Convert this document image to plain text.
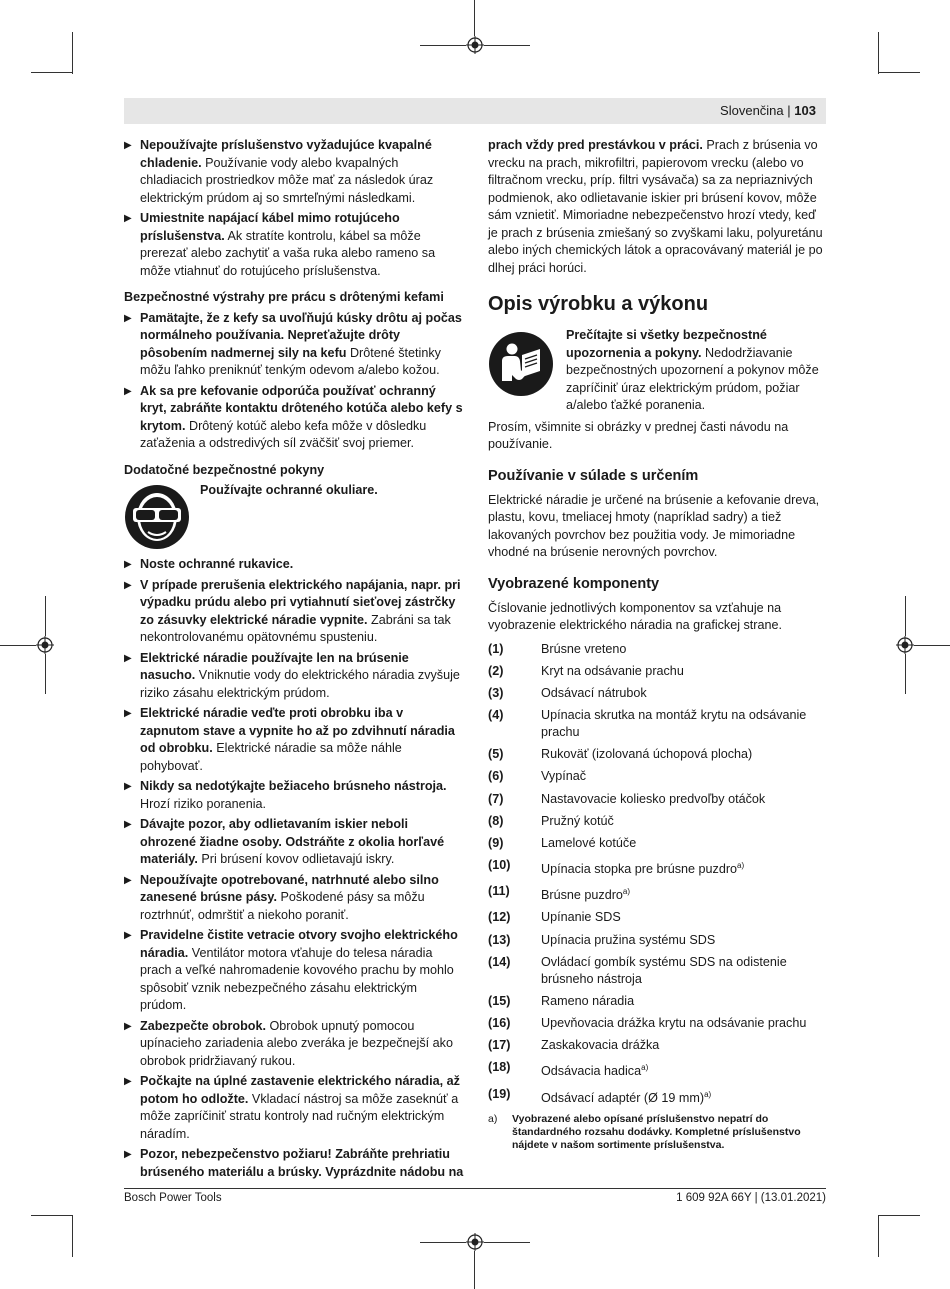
Slovenčina | 103
▶ Nepoužívajte príslušenstvo vyžadujúce kvapalné chladenie. Používanie vody alebo kvapalných chladiacich prostriedkov môže mať za následok úraz elektrickým prúdom aj so smrteľnými následkami.
▶ Umiestnite napájací kábel mimo rotujúceho príslušenstva. Ak stratíte kontrolu, kábel sa môže prerezať alebo zachytiť a vaša ruka alebo rameno sa môže vtiahnuť do rotujúceho príslušenstva.
Bezpečnostné výstrahy pre prácu s drôtenými kefami
▶ Pamätajte, že z kefy sa uvoľňujú kúsky drôtu aj počas normálneho používania. Nepreťažujte drôty pôsobením nadmernej sily na kefu Drôtené štetinky môžu ľahko preniknúť tenkým odevom a/alebo kožou.
▶ Ak sa pre kefovanie odporúča používať ochranný kryt, zabráňte kontaktu drôteného kotúča alebo kefy s krytom. Drôtený kotúč alebo kefa môže v dôsledku zaťaženia a odstredivých síl zväčšiť svoj priemer.
Dodatočné bezpečnostné pokyny
Používajte ochranné okuliare.
▶ Noste ochranné rukavice.
▶ V prípade prerušenia elektrického napájania, napr. pri výpadku prúdu alebo pri vytiahnutí sieťovej zástrčky zo zásuvky elektrické náradie vypnite. Zabráni sa tak nekontrolovanému opätovnému spusteniu.
▶ Elektrické náradie používajte len na brúsenie nasucho. Vniknutie vody do elektrického náradia zvyšuje riziko zásahu elektrickým prúdom.
▶ Elektrické náradie veďte proti obrobku iba v zapnutom stave a vypnite ho až po zdvihnutí náradia od obrobku. Elektrické náradie sa môže náhle pohybovať.
▶ Nikdy sa nedotýkajte bežiaceho brúsneho nástroja. Hrozí riziko poranenia.
▶ Dávajte pozor, aby odlietavaním iskier neboli ohrozené žiadne osoby. Odstráňte z okolia horľavé materiály. Pri brúsení kovov odlietavajú iskry.
▶ Nepoužívajte opotrebované, natrhnuté alebo silno zanesené brúsne pásy. Poškodené pásy sa môžu roztrhnúť, odmrštiť a niekoho poraniť.
▶ Pravidelne čistite vetracie otvory svojho elektrického náradia. Ventilátor motora vťahuje do telesa náradia prach a veľké nahromadenie kovového prachu by mohlo spôsobiť vznik nebezpečného zásahu elektrickým prúdom.
▶ Zabezpečte obrobok. Obrobok upnutý pomocou upínacieho zariadenia alebo zveráka je bezpečnejší ako obrobok pridržiavaný rukou.
▶ Počkajte na úplné zastavenie elektrického náradia, až potom ho odložte. Vkladací nástroj sa môže zaseknúť a môže zapríčiniť stratu kontroly nad ručným elektrickým náradím.
▶ Pozor, nebezpečenstvo požiaru! Zabráňte prehriatiu brúseného materiálu a brúsky. Vyprázdnite nádobu na
prach vždy pred prestávkou v práci. Prach z brúsenia vo vrecku na prach, mikrofiltri, papierovom vrecku (alebo vo filtračnom vrecku, príp. filtri vysávača) sa za nepriaznivých podmienok, ako odlietavanie iskier pri brúsení kovov, môže sám vznietiť. Mimoriadne nebezpečenstvo hrozí vtedy, keď je prach z brúsenia zmiešaný so zvyškami laku, polyuretánu alebo iných chemických látok a opracovávaný materiál je po dlhej práci horúci.
Opis výrobku a výkonu
Prečítajte si všetky bezpečnostné upozornenia a pokyny. Nedodržiavanie bezpečnostných upozornení a pokynov môže zapríčiniť úraz elektrickým prúdom, požiar a/alebo ťažké poranenia.
Prosím, všimnite si obrázky v prednej časti návodu na používanie.
Používanie v súlade s určením
Elektrické náradie je určené na brúsenie a kefovanie dreva, plastu, kovu, tmeliacej hmoty (napríklad sadry) a tiež lakovaných povrchov bez použitia vody. Je mimoriadne vhodné na brúsenie nerovných povrchov.
Vyobrazené komponenty
Číslovanie jednotlivých komponentov sa vzťahuje na vyobrazenie elektrického náradia na grafickej strane.
(1)	Brúsne vreteno
(2)	Kryt na odsávanie prachu
(3)	Odsávací nátrubok
(4)	Upínacia skrutka na montáž krytu na odsávanie prachu
(5)	Rukoväť (izolovaná úchopová plocha)
(6)	Vypínač
(7)	Nastavovacie koliesko predvoľby otáčok
(8)	Pružný kotúč
(9)	Lamelové kotúče
(10)	Upínacia stopka pre brúsne puzdro$^{a)}$
(11)	Brúsne puzdro$^{a)}$
(12)	Upínanie SDS
(13)	Upínacia pružina systému SDS
(14)	Ovládací gombík systému SDS na odistenie brúsneho nástroja
(15)	Rameno náradia
(16)	Upevňovacia drážka krytu na odsávanie prachu
(17)	Zaskakovacia drážka
(18)	Odsávacia hadica$^{a)}$
(19)	Odsávací adaptér (Ø 19 mm)$^{a)}$
a)	Vyobrazené alebo opísané príslušenstvo nepatrí do štandardného rozsahu dodávky. Kompletné príslušenstvo nájdete v našom sortimente príslušenstva.
Bosch Power Tools	1 609 92A 66Y | (13.01.2021)
